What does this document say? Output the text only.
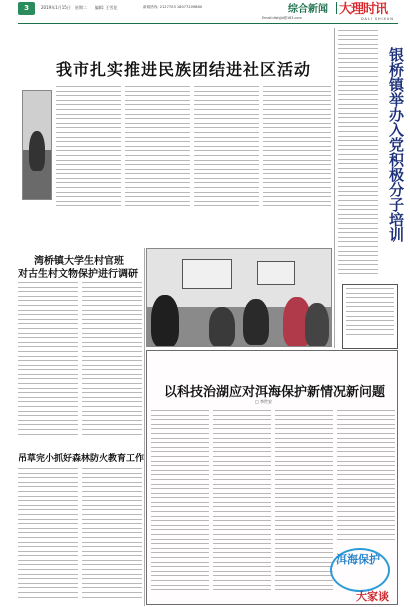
3	2019年1月15日　星期二　　编辑: 王雪花	新闻热线: 2127703 18077209880	综合新闻 大理时讯
Email:dlshjjb@163.com	DALI SHIXUN
我市扎实推进民族团结进社区活动	银桥镇举办入党积极分子培训
湾桥镇大学生村官班
对古生村文物保护进行调研
吊草完小抓好森林防火教育工作
以科技治湖应对洱海保护新情况新问题
□ 李世安
洱海保护
大家谈
